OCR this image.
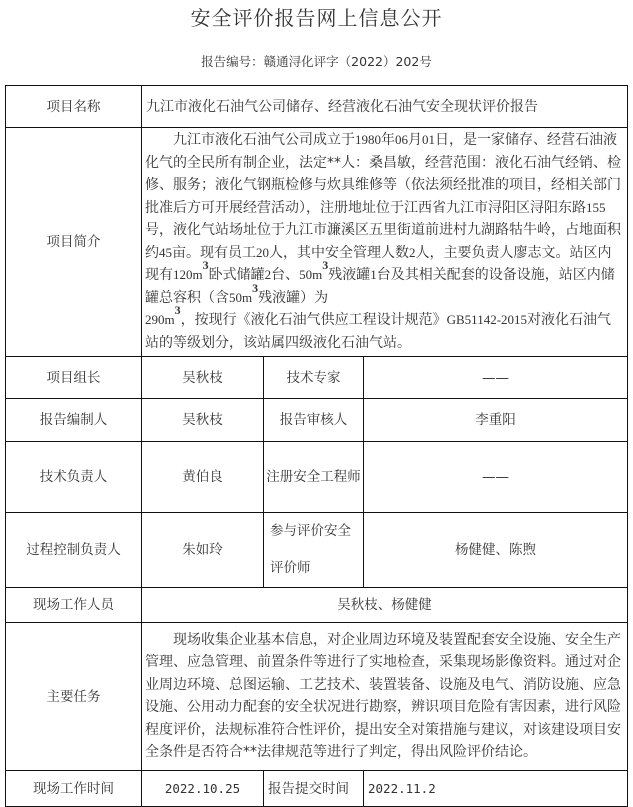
安全评价报告网上信息公开
报告编号：赣通浔化评字（2022）202号
项目名称	九江市液化石油气公司储存、经营液化石油气安全现状评价报告		
项目简介	九江市液化石油气公司成立于1980年06月01日，是一家储存、经营石油液化气的全民所有制企业，法定**人：桑昌敏，经营范围：液化石油气经销、检修、服务；液化气钢瓶检修与炊具维修等（依法须经批准的项目，经相关部门批准后方可开展经营活动），注册地址位于江西省九江市浔阳区浔阳东路155号，液化气站场址位于九江市濂溪区五里街道前进村九湖路牯牛岭，占地面积约45亩。现有员工20人，其中安全管理人数2人，主要负责人廖志文。站区内现有$120m^3$卧式储罐2台、$50m^3$残液罐1台及其相关配套的设备设施，站区内储罐总容积（含$50m^3$残液罐）为$290m^3$，按现行《液化石油气供应工程设计规范》GB51142-2015对液化石油气站的等级划分，该站属四级液化石油气站。		
项目组长	吴秋枝	技术专家	——
报告编制人	吴秋枝	报告审核人	李重阳
技术负责人	黄伯良	注册安全工程师	——
过程控制负责人	朱如玲	参与评价安全评价师	杨健健、陈煦
现场工作人员	吴秋枝、杨健健		
主要任务	现场收集企业基本信息，对企业周边环境及装置配套安全设施、安全生产管理、应急管理、前置条件等进行了实地检查，采集现场影像资料。通过对企业周边环境、总图运输、工艺技术、装置装备、设施及电气、消防设施、应急设施、公用动力配套的安全状况进行勘察，辨识项目危险有害因素，进行风险程度评价，法规标准符合性评价，提出安全对策措施与建议，对该建设项目安全条件是否符合**法律规范等进行了判定，得出风险评价结论。		
现场工作时间	2022.10.25	报告提交时间	2022.11.2
